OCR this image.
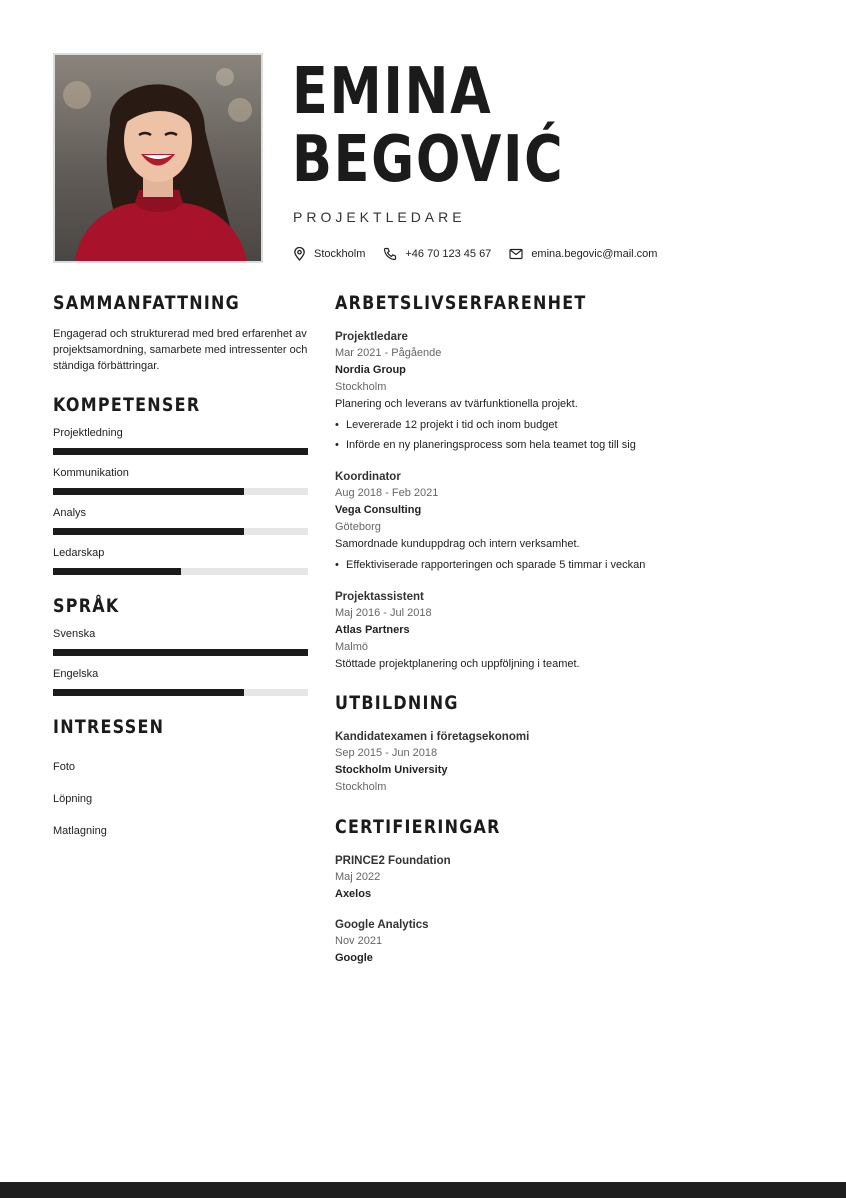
EMINA
BEGOVIĆ
PROJEKTLEDARE
Stockholm	+46 70 123 45 67	emina.begovic@mail.com
SAMMANFATTNING

Engagerad och strukturerad med bred erfarenhet av projektsamordning, samarbete med intressenter och ständiga förbättringar.

KOMPETENSER
Projektledning
Kommunikation
Analys
Ledarskap
SPRÅK
Svenska
Engelska
INTRESSEN
Foto
Löpning
Matlagning
ARBETSLIVSERFARENHET
Projektledare
Mar 2021 - Pågående
Nordia Group
Stockholm
Planering och leverans av tvärfunktionella projekt.
• Levererade 12 projekt i tid och inom budget
• Införde en ny planeringsprocess som hela teamet tog till sig
Koordinator
Aug 2018 - Feb 2021
Vega Consulting
Göteborg
Samordnade kunduppdrag och intern verksamhet.
• Effektiviserade rapporteringen och sparade 5 timmar i veckan
Projektassistent
Maj 2016 - Jul 2018
Atlas Partners
Malmö
Stöttade projektplanering och uppföljning i teamet.
UTBILDNING
Kandidatexamen i företagsekonomi
Sep 2015 - Jun 2018
Stockholm University
Stockholm
CERTIFIERINGAR
PRINCE2 Foundation
Maj 2022
Axelos
Google Analytics
Nov 2021
Google
